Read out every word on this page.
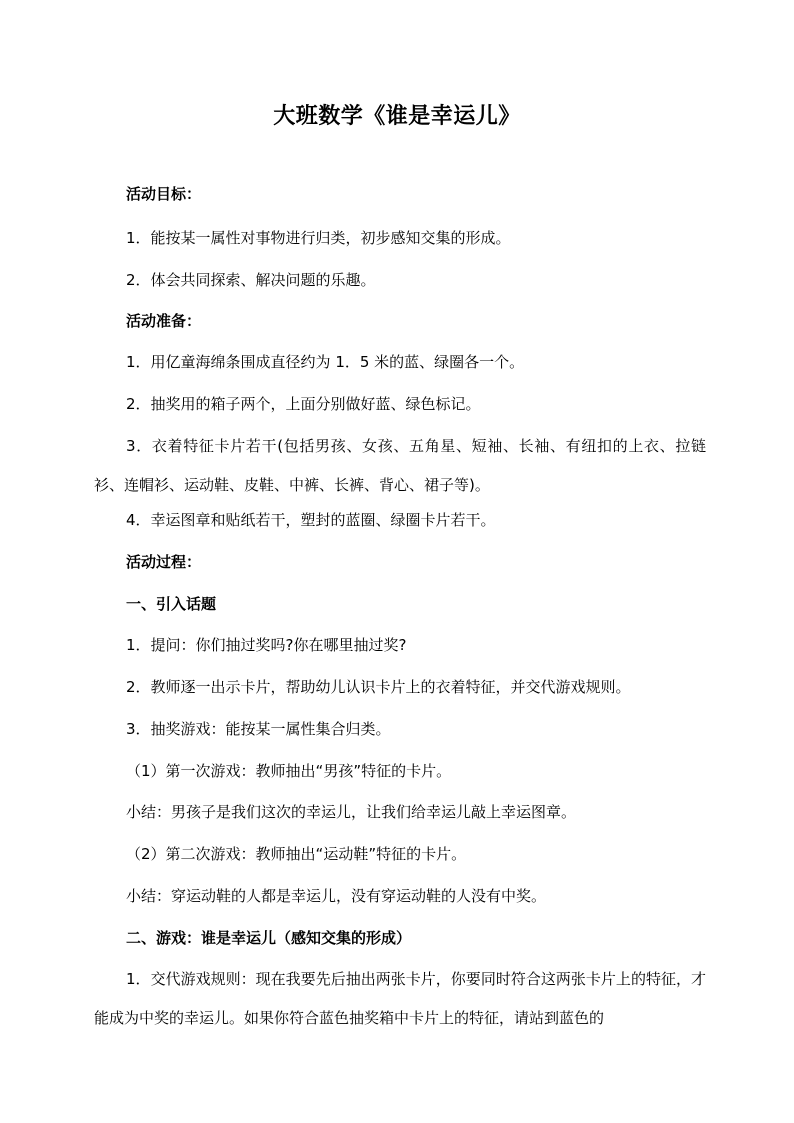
大班数学《谁是幸运儿》
活动目标：
1．能按某一属性对事物进行归类，初步感知交集的形成。
2．体会共同探索、解决问题的乐趣。
活动准备：
1．用亿童海绵条围成直径约为 1．5 米的蓝、绿圈各一个。
2．抽奖用的箱子两个，上面分别做好蓝、绿色标记。
3．衣着特征卡片若干(包括男孩、女孩、五角星、短袖、长袖、有纽扣的上衣、拉链衫、连帽衫、运动鞋、皮鞋、中裤、长裤、背心、裙子等)。
4．幸运图章和贴纸若干，塑封的蓝圈、绿圈卡片若干。
活动过程：
一、引入话题
1．提问：你们抽过奖吗?你在哪里抽过奖?
2．教师逐一出示卡片，帮助幼儿认识卡片上的衣着特征，并交代游戏规则。
3．抽奖游戏：能按某一属性集合归类。
（1）第一次游戏：教师抽出“男孩”特征的卡片。
小结：男孩子是我们这次的幸运儿，让我们给幸运儿敲上幸运图章。
（2）第二次游戏：教师抽出“运动鞋”特征的卡片。
小结：穿运动鞋的人都是幸运儿，没有穿运动鞋的人没有中奖。
二、游戏：谁是幸运儿（感知交集的形成）
1．交代游戏规则：现在我要先后抽出两张卡片，你要同时符合这两张卡片上的特征，才能成为中奖的幸运儿。如果你符合蓝色抽奖箱中卡片上的特征，请站到蓝色的
